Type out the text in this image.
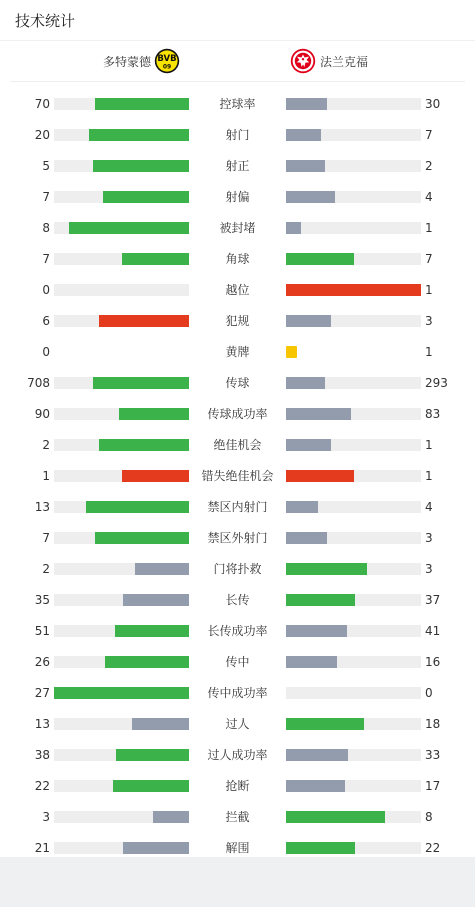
技术统计
多特蒙德 BVB
09	法兰克福
70	控球率	30
20	射门	7
5	射正	2
7	射偏	4
8	被封堵	1
7	角球	7
0	越位	1
6	犯规	3
0	黄牌	1
708	传球	293
90	传球成功率	83
2	绝佳机会	1
1	错失绝佳机会	1
13	禁区内射门	4
7	禁区外射门	3
2	门将扑救	3
35	长传	37
51	长传成功率	41
26	传中	16
27	传中成功率	0
13	过人	18
38	过人成功率	33
22	抢断	17
3	拦截	8
21	解围	22
